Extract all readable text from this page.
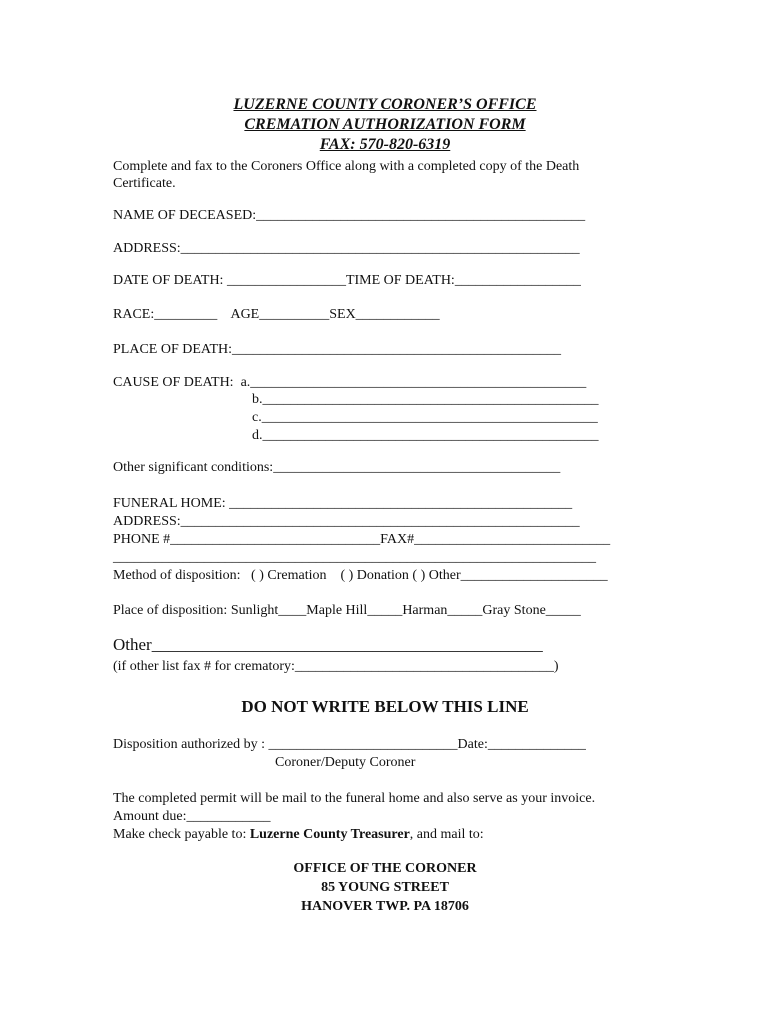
LUZERNE COUNTY CORONER’S OFFICE
CREMATION AUTHORIZATION FORM
FAX: 570-820-6319
Complete and fax to the Coroners Office along with a completed copy of the Death
Certificate.
NAME OF DECEASED:_______________________________________________
ADDRESS:_________________________________________________________
DATE OF DEATH: _________________TIME OF DEATH:__________________
RACE:_________    AGE__________SEX____________
PLACE OF DEATH:_______________________________________________
CAUSE OF DEATH:  a.________________________________________________
b.________________________________________________
c.________________________________________________
d.________________________________________________
Other significant conditions:_________________________________________
FUNERAL HOME: _________________________________________________
ADDRESS:_________________________________________________________
PHONE #______________________________FAX#____________________________
_____________________________________________________________________
Method of disposition:   ( ) Cremation    ( ) Donation ( ) Other_____________________
Place of disposition: Sunlight____Maple Hill_____Harman_____Gray Stone_____
Other______________________________________________
(if other list fax # for crematory:_____________________________________)
DO NOT WRITE BELOW THIS LINE
Disposition authorized by : ___________________________Date:______________
Coroner/Deputy Coroner
The completed permit will be mail to the funeral home and also serve as your invoice.
Amount due:____________
Make check payable to: Luzerne County Treasurer, and mail to:
OFFICE OF THE CORONER
85 YOUNG STREET
HANOVER TWP. PA 18706
